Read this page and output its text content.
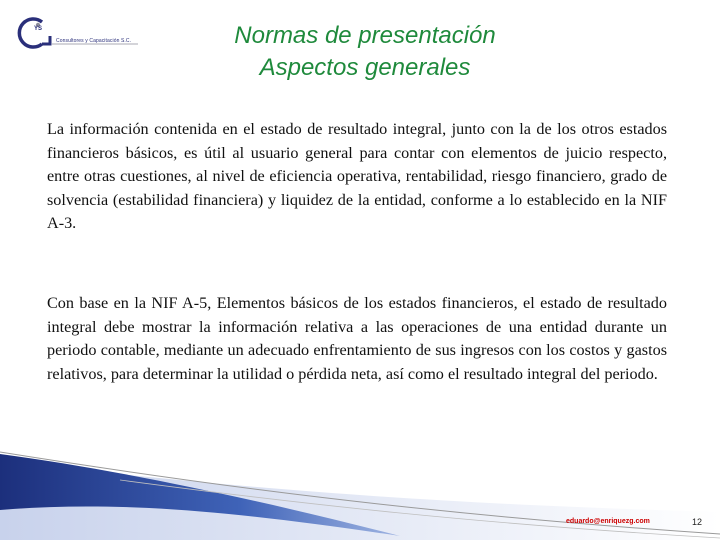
YS
Consultores y Capacitación S.C.	Normas de presentación
Aspectos generales
La información contenida en el estado de resultado integral, junto con la de los otros estados financieros básicos, es útil al usuario general para contar con elementos de juicio respecto, entre otras cuestiones, al nivel de eficiencia operativa, rentabilidad, riesgo financiero, grado de solvencia (estabilidad financiera) y liquidez de la entidad, conforme a lo establecido en la NIF A-3.
Con base en la NIF A-5, Elementos básicos de los estados financieros, el estado de resultado integral debe mostrar la información relativa a las operaciones de una entidad durante un periodo contable, mediante un adecuado enfrentamiento de sus ingresos con los costos y gastos relativos, para determinar la utilidad o pérdida neta, así como el resultado integral del periodo.
eduardo@enriquezg.com	12
